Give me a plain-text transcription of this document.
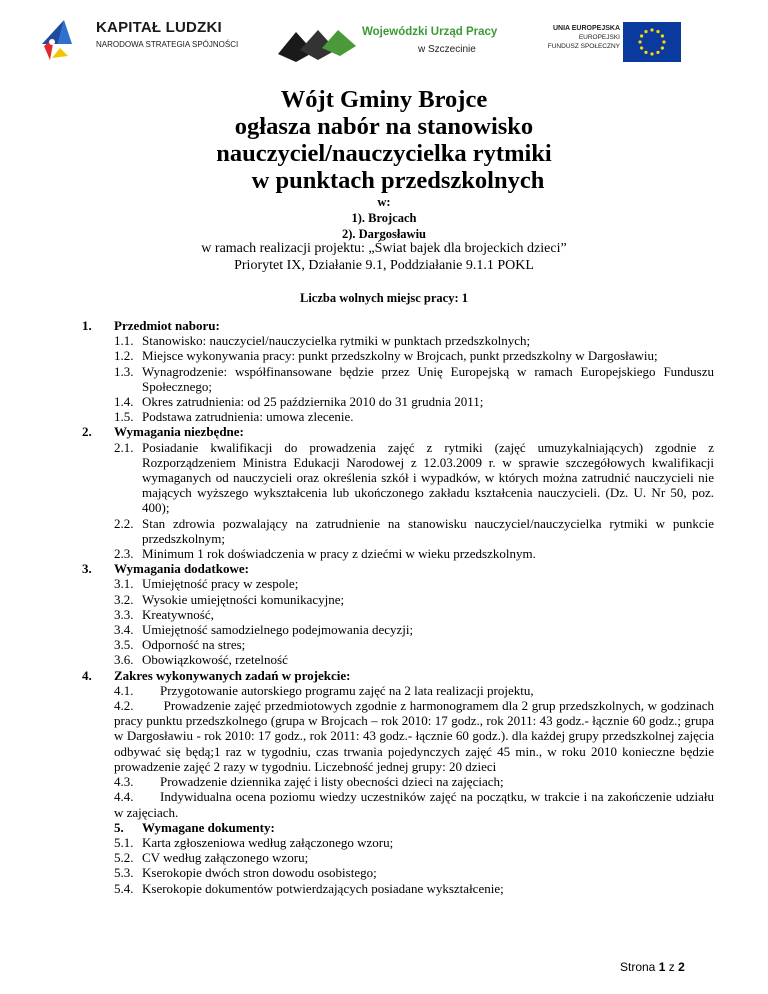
KAPITAŁ LUDZKI
NARODOWA STRATEGIA SPÓJNOŚCI
Wojewódzki Urząd Pracy
w Szczecinie
UNIA EUROPEJSKA
EUROPEJSKI
FUNDUSZ SPOŁECZNY
Wójt Gminy Brojce
ogłasza nabór na stanowisko
nauczyciel/nauczycielka rytmiki
w punktach przedszkolnych
w:
1). Brojcach
2). Dargosławiu
w ramach realizacji projektu: „Świat bajek dla brojeckich dzieci”
Priorytet IX, Działanie 9.1, Poddziałanie 9.1.1 POKL
Liczba wolnych miejsc pracy: 1
1. Przedmiot naboru:
1.1. Stanowisko: nauczyciel/nauczycielka rytmiki w punktach przedszkolnych;
1.2. Miejsce wykonywania pracy: punkt przedszkolny w Brojcach, punkt przedszkolny w Dargosławiu;
1.3. Wynagrodzenie: współfinansowane będzie przez Unię Europejską w ramach Europejskiego Funduszu Społecznego;
1.4. Okres zatrudnienia: od 25 października 2010 do 31 grudnia 2011;
1.5. Podstawa zatrudnienia: umowa zlecenie.
2. Wymagania niezbędne:
2.1. Posiadanie kwalifikacji do prowadzenia zajęć z rytmiki (zajęć umuzykalniających) zgodnie z Rozporządzeniem Ministra Edukacji Narodowej z 12.03.2009 r. w sprawie szczegółowych kwalifikacji wymaganych od nauczycieli oraz określenia szkół i wypadków, w których można zatrudnić nauczycieli nie mających wyższego wykształcenia lub ukończonego zakładu kształcenia nauczycieli. (Dz. U. Nr 50, poz. 400);
2.2. Stan zdrowia pozwalający na zatrudnienie na stanowisku nauczyciel/nauczycielka rytmiki w punkcie przedszkolnym;
2.3. Minimum 1 rok doświadczenia w pracy z dziećmi w wieku przedszkolnym.
3. Wymagania dodatkowe:
3.1. Umiejętność pracy w zespole;
3.2. Wysokie umiejętności komunikacyjne;
3.3. Kreatywność,
3.4. Umiejętność samodzielnego podejmowania decyzji;
3.5. Odporność na stres;
3.6. Obowiązkowość, rzetelność
4. Zakres wykonywanych zadań w projekcie:
4.1. Przygotowanie autorskiego programu zajęć na 2 lata realizacji projektu,
4.2. Prowadzenie zajęć przedmiotowych zgodnie z harmonogramem dla 2 grup przedszkolnych, w godzinach pracy punktu przedszkolnego (grupa w Brojcach – rok 2010: 17 godz., rok 2011: 43 godz.- łącznie 60 godz.; grupa w Dargosławiu - rok 2010: 17 godz., rok 2011: 43 godz.- łącznie 60 godz.). dla każdej grupy przedszkolnej zajęcia odbywać się będą;1 raz w tygodniu, czas trwania pojedynczych zajęć 45 min., w roku 2010 konieczne będzie prowadzenie zajęć 2 razy w tygodniu. Liczebność jednej grupy: 20 dzieci
4.3. Prowadzenie dziennika zajęć i listy obecności dzieci na zajęciach;
4.4. Indywidualna ocena poziomu wiedzy uczestników zajęć na początku, w trakcie i na zakończenie udziału w zajęciach.
5. Wymagane dokumenty:
5.1. Karta zgłoszeniowa według załączonego wzoru;
5.2. CV według załączonego wzoru;
5.3. Kserokopie dwóch stron dowodu osobistego;
5.4. Kserokopie dokumentów potwierdzających posiadane wykształcenie;
Strona 1 z 2
